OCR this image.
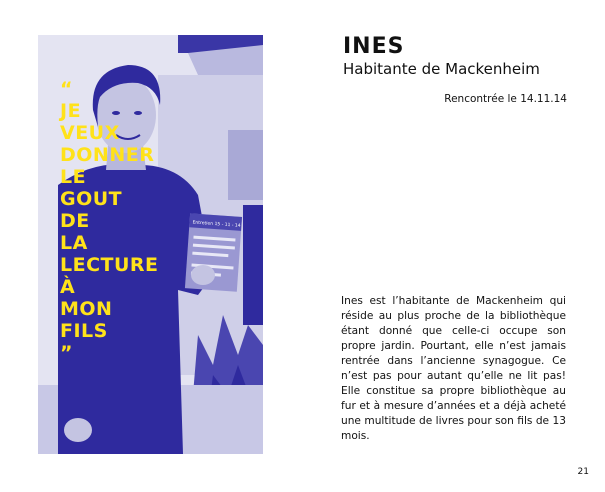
Entretien 15 - 11 - 14
“
JE
VEUX
DONNER
LE
GOUT
DE
LA
LECTURE
À
MON
FILS
”
INES
Habitante de Mackenheim
Rencontrée le 14.11.14
Ines est l’habitante de Mackenheim qui réside au plus proche de la bibliothèque étant donné que celle-ci occupe son propre jardin. Pourtant, elle n’est jamais rentrée dans l’ancienne synagogue. Ce n’est pas pour autant qu’elle ne lit pas! Elle constitue sa propre bibliothèque au fur et à mesure d’années et a déjà acheté une multitude de livres pour son fils de 13 mois.
21
